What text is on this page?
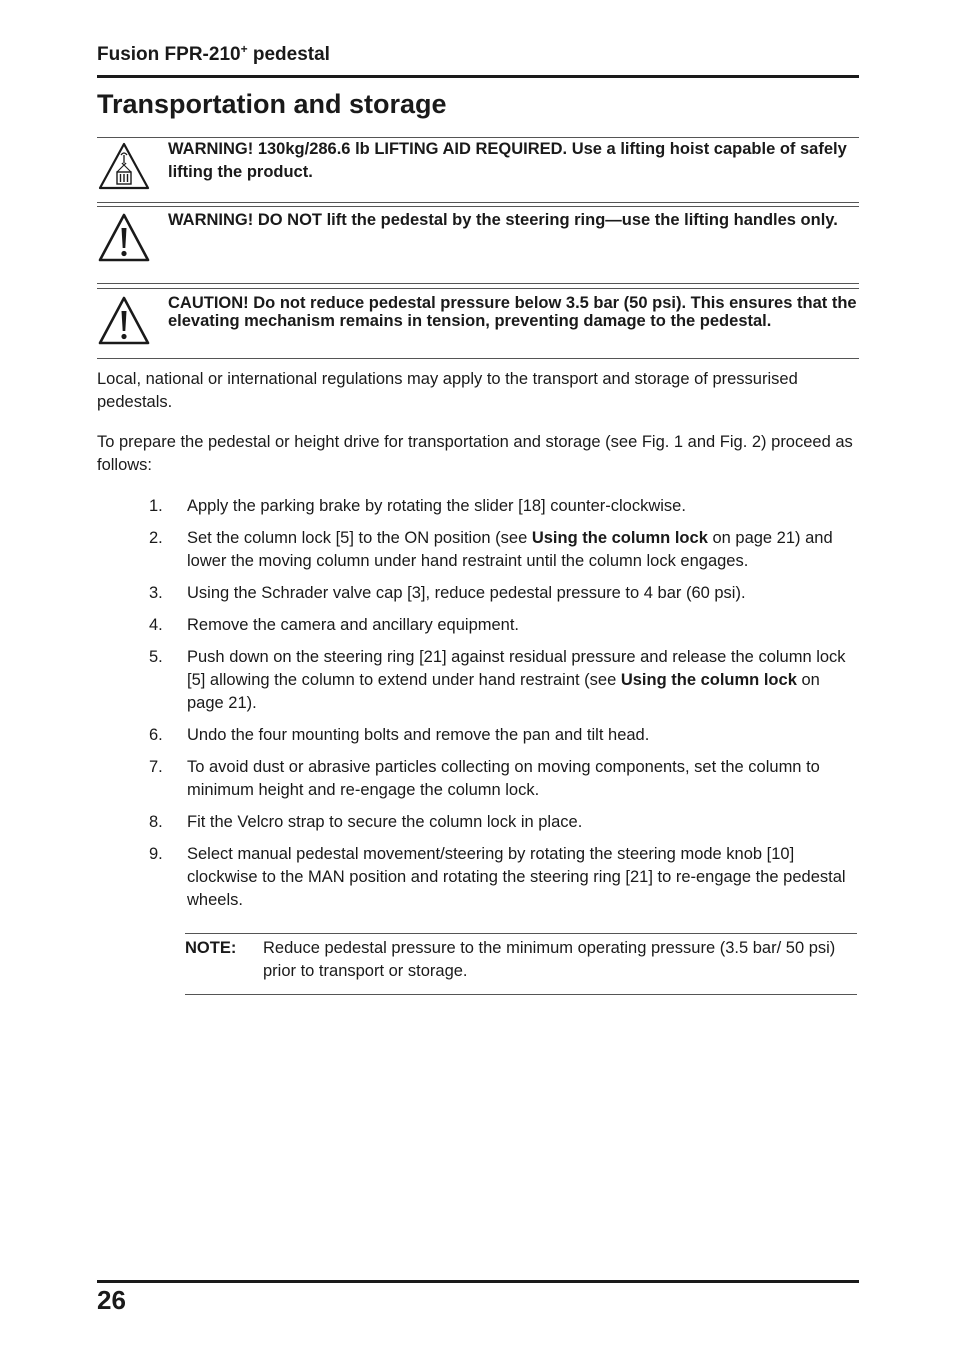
Fusion FPR-210+ pedestal
Transportation and storage
WARNING! 130kg/286.6 lb LIFTING AID REQUIRED. Use a lifting hoist capable of safely lifting the product.
WARNING! DO NOT lift the pedestal by the steering ring—use the lifting handles only.
CAUTION! Do not reduce pedestal pressure below 3.5 bar (50 psi). This ensures that the elevating mechanism remains in tension, preventing damage to the pedestal.

Local, national or international regulations may apply to the transport and storage of pressurised pedestals.

To prepare the pedestal or height drive for transportation and storage (see Fig. 1 and Fig. 2) proceed as follows:

1. Apply the parking brake by rotating the slider [18] counter-clockwise.
2. Set the column lock [5] to the ON position (see Using the column lock on page 21) and lower the moving column under hand restraint until the column lock engages.
3. Using the Schrader valve cap [3], reduce pedestal pressure to 4 bar (60 psi).
4. Remove the camera and ancillary equipment.
5. Push down on the steering ring [21] against residual pressure and release the column lock [5] allowing the column to extend under hand restraint (see Using the column lock on page 21).
6. Undo the four mounting bolts and remove the pan and tilt head.
7. To avoid dust or abrasive particles collecting on moving components, set the column to minimum height and re-engage the column lock.
8. Fit the Velcro strap to secure the column lock in place.
9. Select manual pedestal movement/steering by rotating the steering mode knob [10] clockwise to the MAN position and rotating the steering ring [21] to re-engage the pedestal wheels.
NOTE: Reduce pedestal pressure to the minimum operating pressure (3.5 bar/ 50 psi) prior to transport or storage.
26
